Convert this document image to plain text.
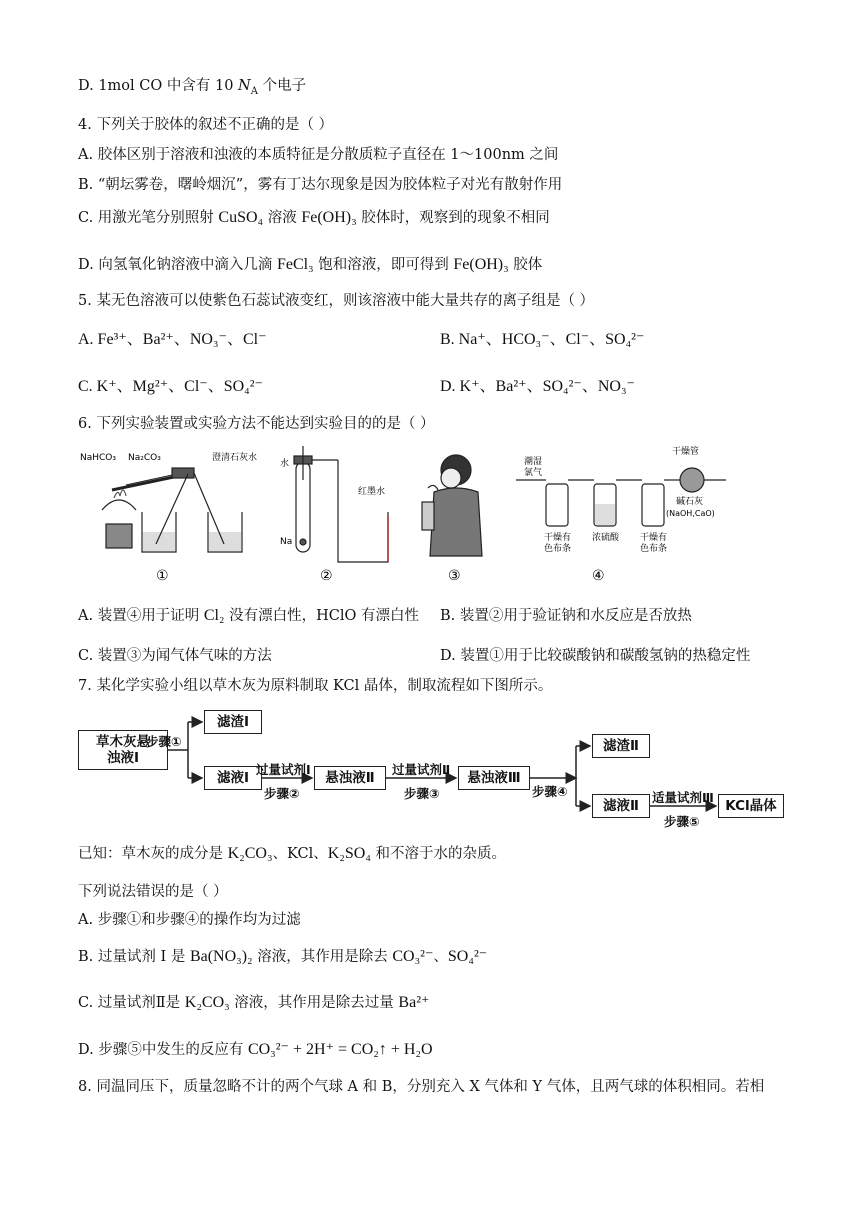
D. 1mol CO 中含有 10 $N_A$ 个电子
4. 下列关于胶体的叙述不正确的是（ ）
A. 胶体区别于溶液和浊液的本质特征是分散质粒子直径在 1～100nm 之间
B. “朝坛雾卷，曙岭烟沉”，雾有丁达尔现象是因为胶体粒子对光有散射作用
C. 用激光笔分别照射 CuSO₄ 溶液 Fe(OH)₃ 胶体时，观察到的现象不相同
D. 向氢氧化钠溶液中滴入几滴 FeCl₃ 饱和溶液，即可得到 Fe(OH)₃ 胶体
5. 某无色溶液可以使紫色石蕊试液变红，则该溶液中能大量共存的离子组是（ ）
A. Fe³⁺、Ba²⁺、NO₃⁻、Cl⁻	B. Na⁺、HCO₃⁻、Cl⁻、SO₄²⁻
C. K⁺、Mg²⁺、Cl⁻、SO₄²⁻	D. K⁺、Ba²⁺、SO₄²⁻、NO₃⁻
6. 下列实验装置或实验方法不能达到实验目的的是（ ）
NaHCO₃ Na₂CO₃	澄清石灰水
①
水
Na
红墨水
②	③
潮湿
氯气
干燥管
碱石灰
(NaOH,CaO)
干燥有
色布条
浓硫酸 干燥有
色布条
④
A. 装置④用于证明 Cl₂ 没有漂白性，HClO 有漂白性 B. 装置②用于验证钠和水反应是否放热
C. 装置③为闻气体气味的方法	D. 装置①用于比较碳酸钠和碳酸氢钠的热稳定性
7. 某化学实验小组以草木灰为原料制取 KCl 晶体，制取流程如下图所示。
草木灰悬
浊液Ⅰ
步骤①
滤渣Ⅰ
滤液Ⅰ
过量试剂Ⅰ
步骤②
悬浊液Ⅱ
过量试剂Ⅱ
步骤③
悬浊液Ⅲ
步骤④
滤渣Ⅱ
滤液Ⅱ
适量试剂Ⅲ
步骤⑤
KCl晶体
已知：草木灰的成分是 K₂CO₃、KCl、K₂SO₄ 和不溶于水的杂质。
下列说法错误的是（ ）
A. 步骤①和步骤④的操作均为过滤
B. 过量试剂 I 是 Ba(NO₃)₂ 溶液，其作用是除去 CO₃²⁻、SO₄²⁻
C. 过量试剂Ⅱ是 K₂CO₃ 溶液，其作用是除去过量 Ba²⁺
D. 步骤⑤中发生的反应有 CO₃²⁻ + 2H⁺ = CO₂↑ + H₂O
8. 同温同压下，质量忽略不计的两个气球 A 和 B，分别充入 X 气体和 Y 气体，且两气球的体积相同。若相
